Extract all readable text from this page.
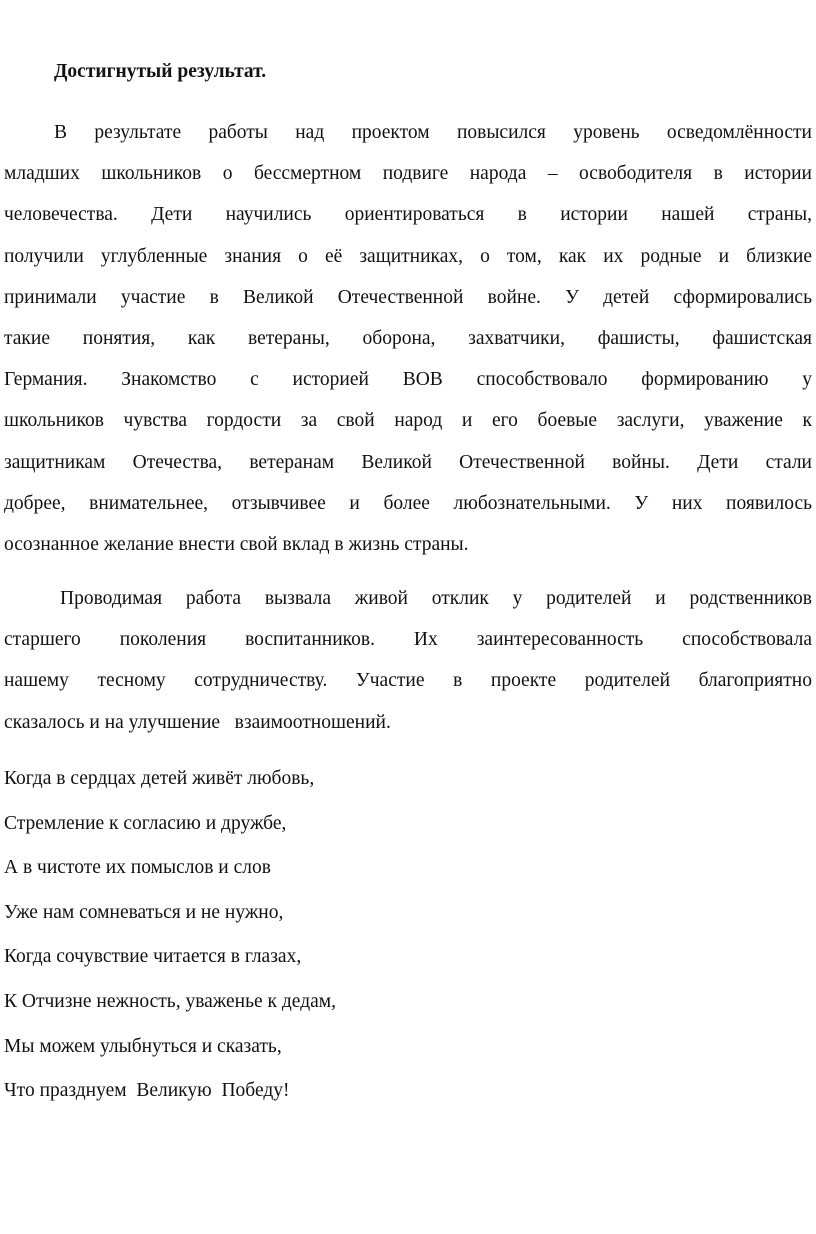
Достигнутый результат.
В результате работы над проектом повысился уровень осведомлённости
младших школьников о бессмертном подвиге народа – освободителя в истории
человечества. Дети научились ориентироваться в истории нашей страны,
получили углубленные знания о её защитниках, о том, как их родные и близкие
принимали участие в Великой Отечественной войне. У детей сформировались
такие понятия, как ветераны, оборона, захватчики, фашисты, фашистская
Германия. Знакомство с историей ВОВ способствовало формированию у
школьников чувства гордости за свой народ и его боевые заслуги, уважение к
защитникам Отечества, ветеранам Великой Отечественной войны. Дети стали
добрее, внимательнее, отзывчивее и более любознательными. У них появилось
осознанное желание внести свой вклад в жизнь страны.
Проводимая работа вызвала живой отклик у родителей и родственников
старшего поколения воспитанников. Их заинтересованность способствовала
нашему тесному сотрудничеству. Участие в проекте родителей благоприятно
сказалось и на улучшение   взаимоотношений.
Когда в сердцах детей живёт любовь,
Стремление к согласию и дружбе,
А в чистоте их помыслов и слов
Уже нам сомневаться и не нужно,
Когда сочувствие читается в глазах,
К Отчизне нежность, уваженье к дедам,
Мы можем улыбнуться и сказать,
Что празднуем  Великую  Победу!
